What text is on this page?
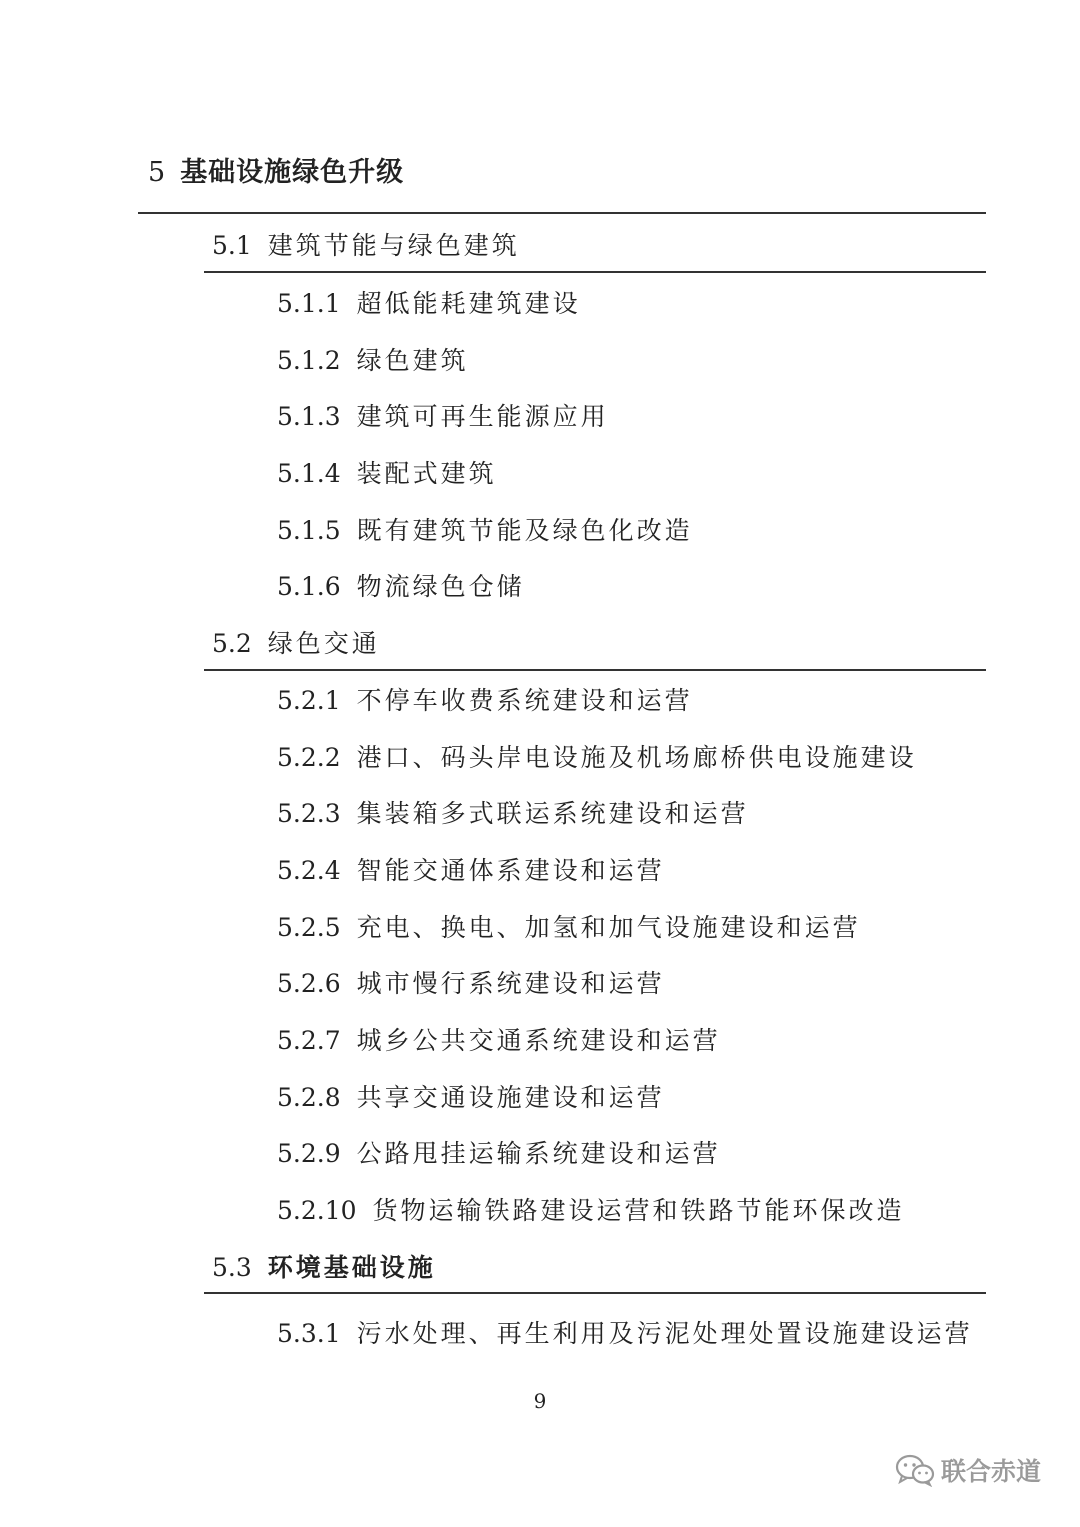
5 基础设施绿色升级
5.1 建筑节能与绿色建筑
5.1.1 超低能耗建筑建设
5.1.2 绿色建筑
5.1.3 建筑可再生能源应用
5.1.4 装配式建筑
5.1.5 既有建筑节能及绿色化改造
5.1.6 物流绿色仓储
5.2 绿色交通
5.2.1 不停车收费系统建设和运营
5.2.2 港口、码头岸电设施及机场廊桥供电设施建设
5.2.3 集装箱多式联运系统建设和运营
5.2.4 智能交通体系建设和运营
5.2.5 充电、换电、加氢和加气设施建设和运营
5.2.6 城市慢行系统建设和运营
5.2.7 城乡公共交通系统建设和运营
5.2.8 共享交通设施建设和运营
5.2.9 公路甩挂运输系统建设和运营
5.2.10 货物运输铁路建设运营和铁路节能环保改造
5.3 环境基础设施
5.3.1 污水处理、再生利用及污泥处理处置设施建设运营
9
联合赤道
